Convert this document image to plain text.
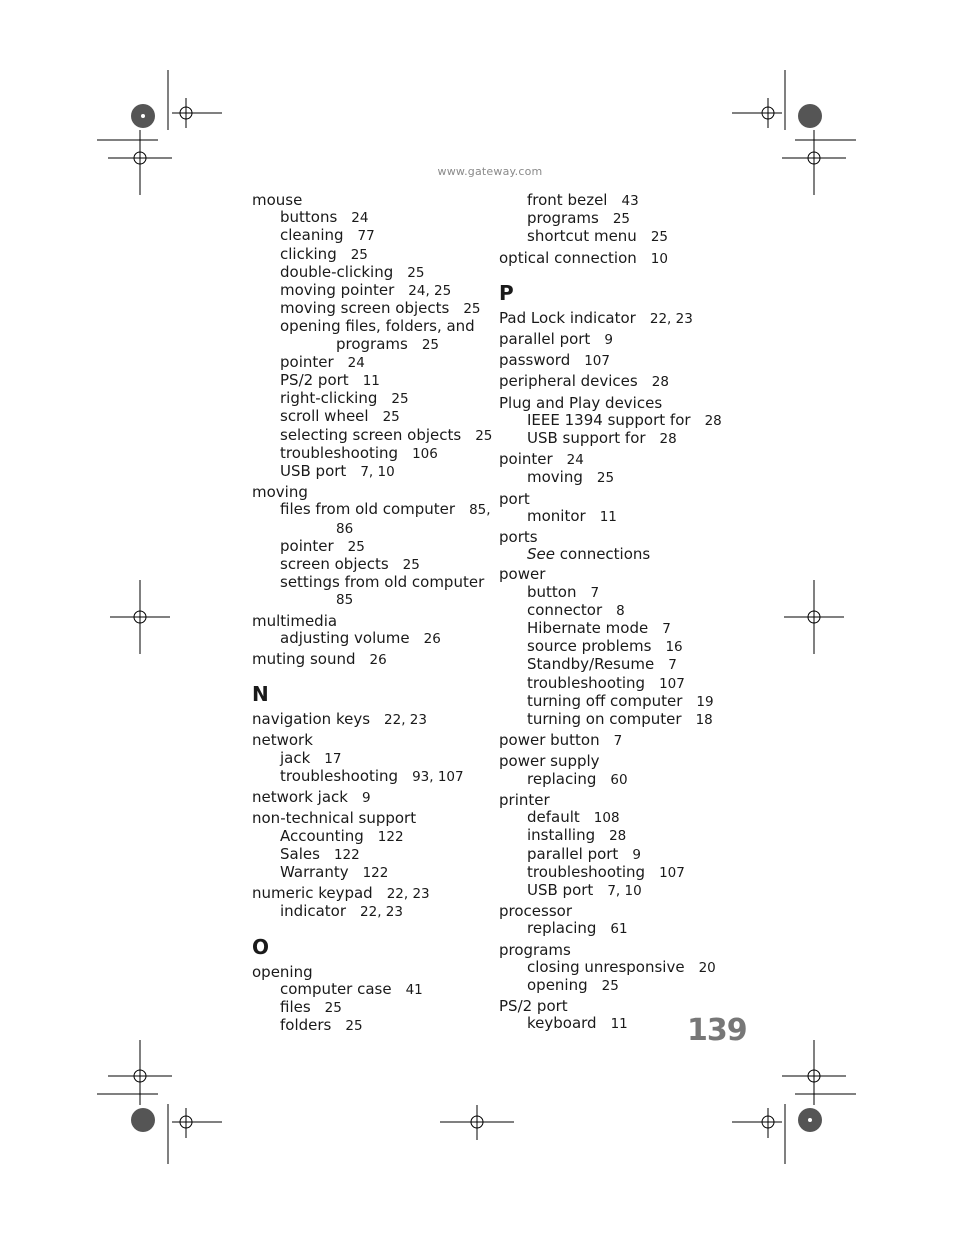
www.gateway.com
mouse
buttons 24
cleaning 77
clicking 25
double-clicking 25
moving pointer 24, 25
moving screen objects 25
opening files, folders, and
programs 25
pointer 24
PS/2 port 11
right-clicking 25
scroll wheel 25
selecting screen objects 25
troubleshooting 106
USB port 7, 10
moving
files from old computer 85,
86
pointer 25
screen objects 25
settings from old computer
85
multimedia
adjusting volume 26
muting sound 26
N
navigation keys 22, 23
network
jack 17
troubleshooting 93, 107
network jack 9
non-technical support
Accounting 122
Sales 122
Warranty 122
numeric keypad 22, 23
indicator 22, 23
O
opening
computer case 41
files 25
folders 25
front bezel 43
programs 25
shortcut menu 25
optical connection 10
P
Pad Lock indicator 22, 23
parallel port 9
password 107
peripheral devices 28
Plug and Play devices
IEEE 1394 support for 28
USB support for 28
pointer 24
moving 25
port
monitor 11
ports
See connections
power
button 7
connector 8
Hibernate mode 7
source problems 16
Standby/Resume 7
troubleshooting 107
turning off computer 19
turning on computer 18
power button 7
power supply
replacing 60
printer
default 108
installing 28
parallel port 9
troubleshooting 107
USB port 7, 10
processor
replacing 61
programs
closing unresponsive 20
opening 25
PS/2 port
keyboard 11	139
